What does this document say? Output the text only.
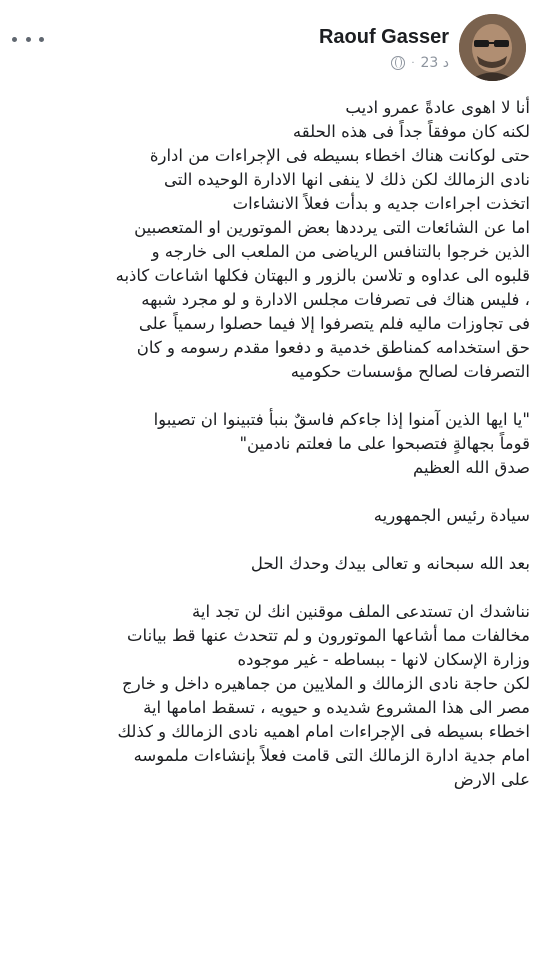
Raouf Gasser
· 23 د
أنا لا اهوى عادةً عمرو اديب
لكنه كان موفقاً جداً فى هذه الحلقه
حتى لوكانت هناك اخطاء بسيطه فى الإجراءات من ادارة
نادى الزمالك لكن ذلك لا ينفى انها الادارة الوحيده التى
اتخذت اجراءات جديه و بدأت فعلاً الانشاءات
اما عن الشائعات التى يرددها بعض الموتورين او المتعصبين
الذين خرجوا بالتنافس الرياضى من الملعب الى خارجه و
قلبوه الى عداوه و تلاسن بالزور و البهتان فكلها اشاعات كاذبه
، فليس هناك فى تصرفات مجلس الادارة و لو مجرد شبهه
فى تجاوزات ماليه فلم يتصرفوا إلا فيما حصلوا رسمياً على
حق استخدامه كمناطق خدمية و دفعوا مقدم رسومه و كان
التصرفات لصالح مؤسسات حكوميه
"يا ايها الذين آمنوا إذا جاءكم فاسقٌ بنبأ فتبينوا ان تصيبوا
قوماً بجهالةٍ فتصبحوا على ما فعلتم نادمين"
صدق الله العظيم
سيادة رئيس الجمهوريه
بعد الله سبحانه و تعالى بيدك وحدك الحل
نناشدك ان تستدعى الملف موقنين انك لن تجد اية
مخالفات مما أشاعها الموتورون و لم تتحدث عنها قط بيانات
وزارة الإسكان لانها - ببساطه - غير موجوده
لكن حاجة نادى الزمالك و الملايين من جماهيره داخل و خارج
مصر الى هذا المشروع شديده و حيويه ، تسقط امامها اية
اخطاء بسيطه فى الإجراءات امام اهميه نادى الزمالك و كذلك
امام جدية ادارة الزمالك التى قامت فعلاً بإنشاءات ملموسه
على الارض
